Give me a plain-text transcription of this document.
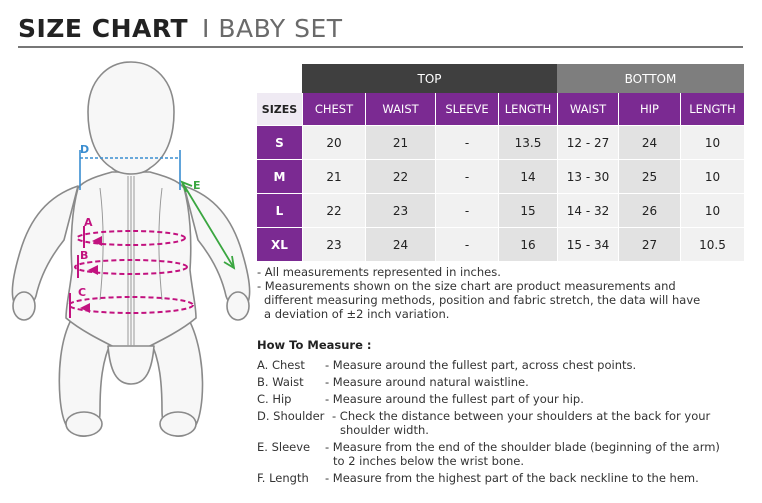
SIZE CHART I BABY SET
A
B
C
D
E
	TOP				BOTTOM		
SIZES	CHEST	WAIST	SLEEVE	LENGTH	WAIST	HIP	LENGTH
S	20	21	-	13.5	12 - 27	24	10
M	21	22	-	14	13 - 30	25	10
L	22	23	-	15	14 - 32	26	10
XL	23	24	-	16	15 - 34	27	10.5
- All measurements represented in inches.
- Measurements shown on the size chart are product measurements and
different measuring methods, position and fabric stretch, the data will have
a deviation of ±2 inch variation.
How To Measure :
A. Chest	- Measure around the fullest part, across chest points.
B. Waist	- Measure around natural waistline.
C. Hip	- Measure around the fullest part of your hip.
D. Shoulder - Check the distance between your shoulders at the back for your
shoulder width.
E. Sleeve	- Measure from the end of the shoulder blade (beginning of the arm)
to 2 inches below the wrist bone.
F. Length	- Measure from the highest part of the back neckline to the hem.
